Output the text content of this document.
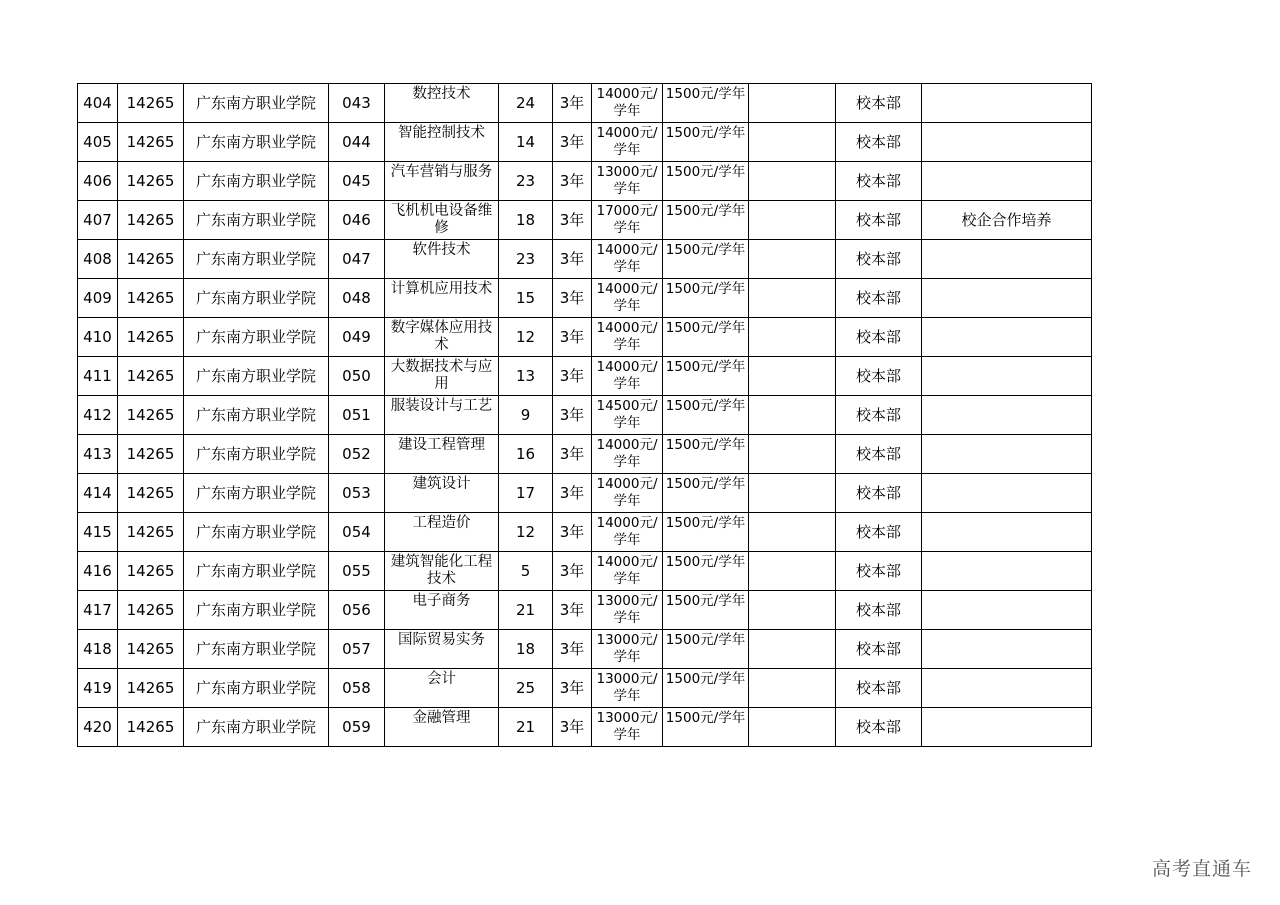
404	14265	广东南方职业学院	043	数控技术	24	3年	14000元/学年	1500元/学年		校本部	

405	14265	广东南方职业学院	044	智能控制技术	14	3年	14000元/学年	1500元/学年		校本部	

406	14265	广东南方职业学院	045	汽车营销与服务	23	3年	13000元/学年	1500元/学年		校本部	

407	14265	广东南方职业学院	046	飞机机电设备维修	18	3年	17000元/学年	1500元/学年		校本部	校企合作培养

408	14265	广东南方职业学院	047	软件技术	23	3年	14000元/学年	1500元/学年		校本部	

409	14265	广东南方职业学院	048	计算机应用技术	15	3年	14000元/学年	1500元/学年		校本部	

410	14265	广东南方职业学院	049	数字媒体应用技术	12	3年	14000元/学年	1500元/学年		校本部	

411	14265	广东南方职业学院	050	大数据技术与应用	13	3年	14000元/学年	1500元/学年		校本部	

412	14265	广东南方职业学院	051	服装设计与工艺	9	3年	14500元/学年	1500元/学年		校本部	

413	14265	广东南方职业学院	052	建设工程管理	16	3年	14000元/学年	1500元/学年		校本部	

414	14265	广东南方职业学院	053	建筑设计	17	3年	14000元/学年	1500元/学年		校本部	

415	14265	广东南方职业学院	054	工程造价	12	3年	14000元/学年	1500元/学年		校本部	

416	14265	广东南方职业学院	055	建筑智能化工程技术	5	3年	14000元/学年	1500元/学年		校本部	

417	14265	广东南方职业学院	056	电子商务	21	3年	13000元/学年	1500元/学年		校本部	

418	14265	广东南方职业学院	057	国际贸易实务	18	3年	13000元/学年	1500元/学年		校本部	

419	14265	广东南方职业学院	058	会计	25	3年	13000元/学年	1500元/学年		校本部	

420	14265	广东南方职业学院	059	金融管理	21	3年	13000元/学年	1500元/学年		校本部	

高考直通车
